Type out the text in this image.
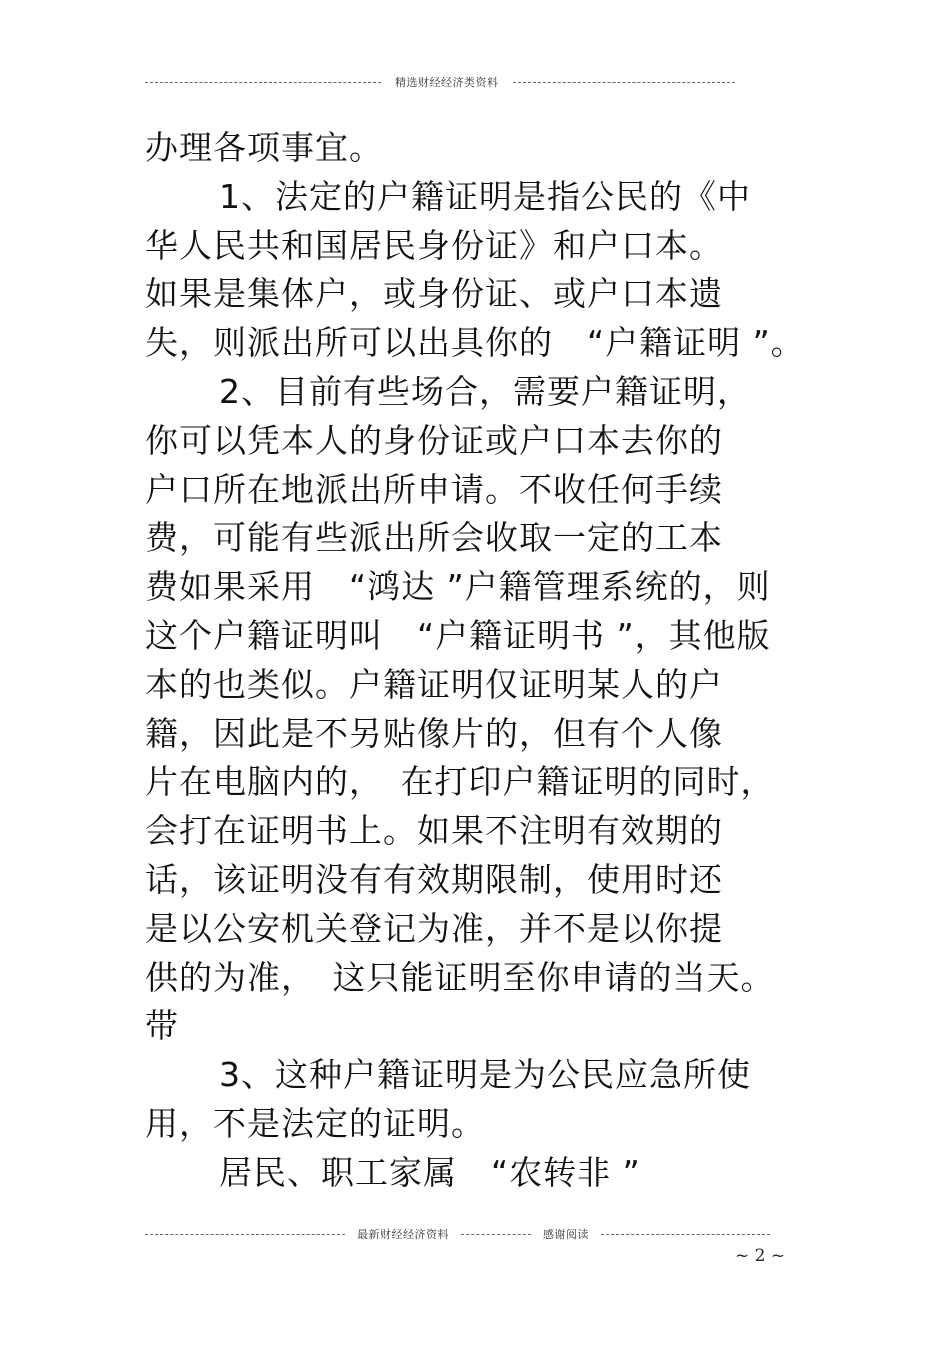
精选财经经济类资料
办理各项事宜。
1、法定的户籍证明是指公民的《中
华人民共和国居民身份证》和户口本。
如果是集体户，或身份证、或户口本遗
失，则派出所可以出具你的　“户籍证明 ”。
2、目前有些场合，需要户籍证明，
你可以凭本人的身份证或户口本去你的
户口所在地派出所申请。不收任何手续
费，可能有些派出所会收取一定的工本
费如果采用　“鸿达 ”户籍管理系统的，则
这个户籍证明叫　“户籍证明书 ”，其他版
本的也类似。户籍证明仅证明某人的户
籍，因此是不另贴像片的，但有个人像
片在电脑内的，　在打印户籍证明的同时，
会打在证明书上。如果不注明有效期的
话，该证明没有有效期限制，使用时还
是以公安机关登记为准，并不是以你提
供的为准，　这只能证明至你申请的当天。
带
3、这种户籍证明是为公民应急所使
用，不是法定的证明。
居民、职工家属　“农转非 ”
最新财经经济资料	感谢阅读
~ 2 ~
